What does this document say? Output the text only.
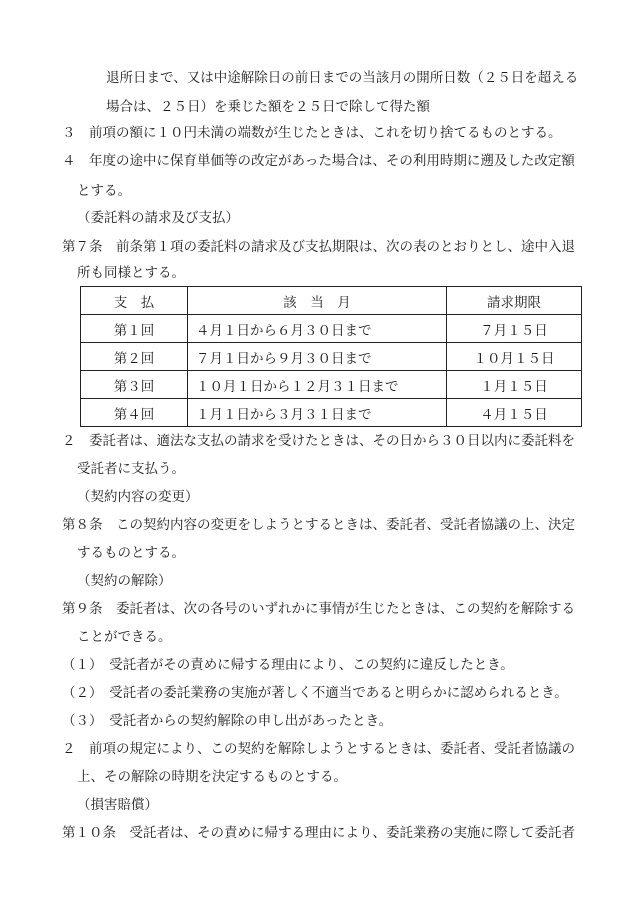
退所日まで、又は中途解除日の前日までの当該月の開所日数（２５日を超える
場合は、２５日）を乗じた額を２５日で除して得た額
３　前項の額に１０円未満の端数が生じたときは、これを切り捨てるものとする。
４　年度の途中に保育単価等の改定があった場合は、その利用時期に遡及した改定額
とする。
（委託料の請求及び支払）
第７条　前条第１項の委託料の請求及び支払期限は、次の表のとおりとし、途中入退
所も同様とする。
支　払	該　当　月	請求期限
第１回	４月１日から６月３０日まで	７月１５日
第２回	７月１日から９月３０日まで	１０月１５日
第３回	１０月１日から１２月３１日まで	１月１５日
第４回	１月１日から３月３１日まで	４月１５日
２　委託者は、適法な支払の請求を受けたときは、その日から３０日以内に委託料を
受託者に支払う。
（契約内容の変更）
第８条　この契約内容の変更をしようとするときは、委託者、受託者協議の上、決定
するものとする。
（契約の解除）
第９条　委託者は、次の各号のいずれかに事情が生じたときは、この契約を解除する
ことができる。
（１）　受託者がその責めに帰する理由により、この契約に違反したとき。
（２）　受託者の委託業務の実施が著しく不適当であると明らかに認められるとき。
（３）　受託者からの契約解除の申し出があったとき。
２　前項の規定により、この契約を解除しようとするときは、委託者、受託者協議の
上、その解除の時期を決定するものとする。
（損害賠償）
第１０条　受託者は、その責めに帰する理由により、委託業務の実施に際して委託者
